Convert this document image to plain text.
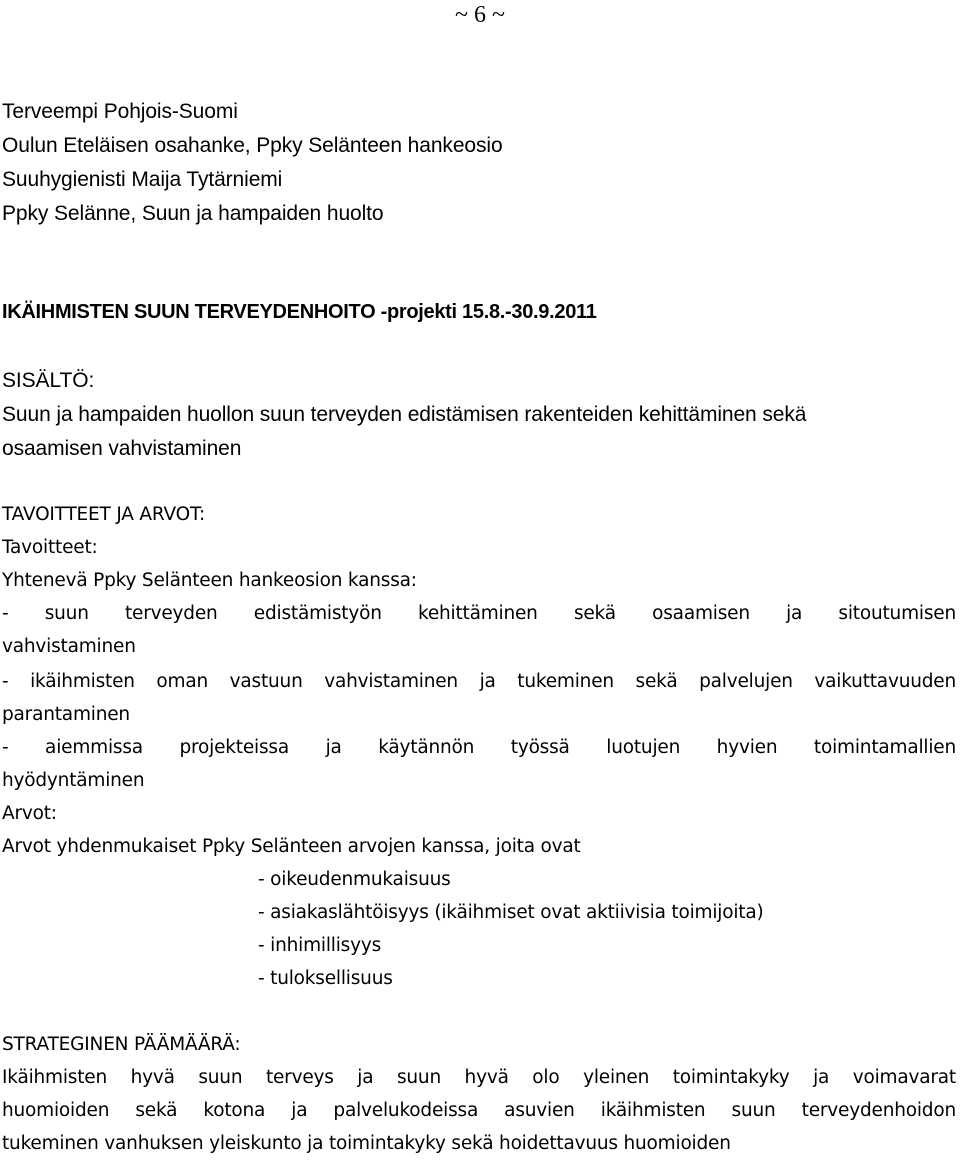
~ 6 ~

Terveempi Pohjois-Suomi

Oulun Eteläisen osahanke, Ppky Selänteen hankeosio

Suuhygienisti Maija Tytärniemi

Ppky Selänne, Suun ja hampaiden huolto

IKÄIHMISTEN SUUN TERVEYDENHOITO -projekti 15.8.-30.9.2011

SISÄLTÖ:

Suun ja hampaiden huollon suun terveyden edistämisen rakenteiden kehittäminen sekä

osaamisen vahvistaminen

TAVOITTEET JA ARVOT:

Tavoitteet:

Yhtenevä Ppky Selänteen hankeosion kanssa:

- suun terveyden edistämistyön kehittäminen sekä osaamisen ja sitoutumisen

vahvistaminen

- ikäihmisten oman vastuun vahvistaminen ja tukeminen sekä palvelujen vaikuttavuuden

parantaminen

- aiemmissa projekteissa ja käytännön työssä luotujen hyvien toimintamallien

hyödyntäminen

Arvot:

Arvot yhdenmukaiset Ppky Selänteen arvojen kanssa, joita ovat

- oikeudenmukaisuus

- asiakaslähtöisyys (ikäihmiset ovat aktiivisia toimijoita)

- inhimillisyys

- tuloksellisuus

STRATEGINEN PÄÄMÄÄRÄ:

Ikäihmisten hyvä suun terveys ja suun hyvä olo yleinen toimintakyky ja voimavarat

huomioiden sekä kotona ja palvelukodeissa asuvien ikäihmisten suun terveydenhoidon

tukeminen vanhuksen yleiskunto ja toimintakyky sekä hoidettavuus huomioiden
